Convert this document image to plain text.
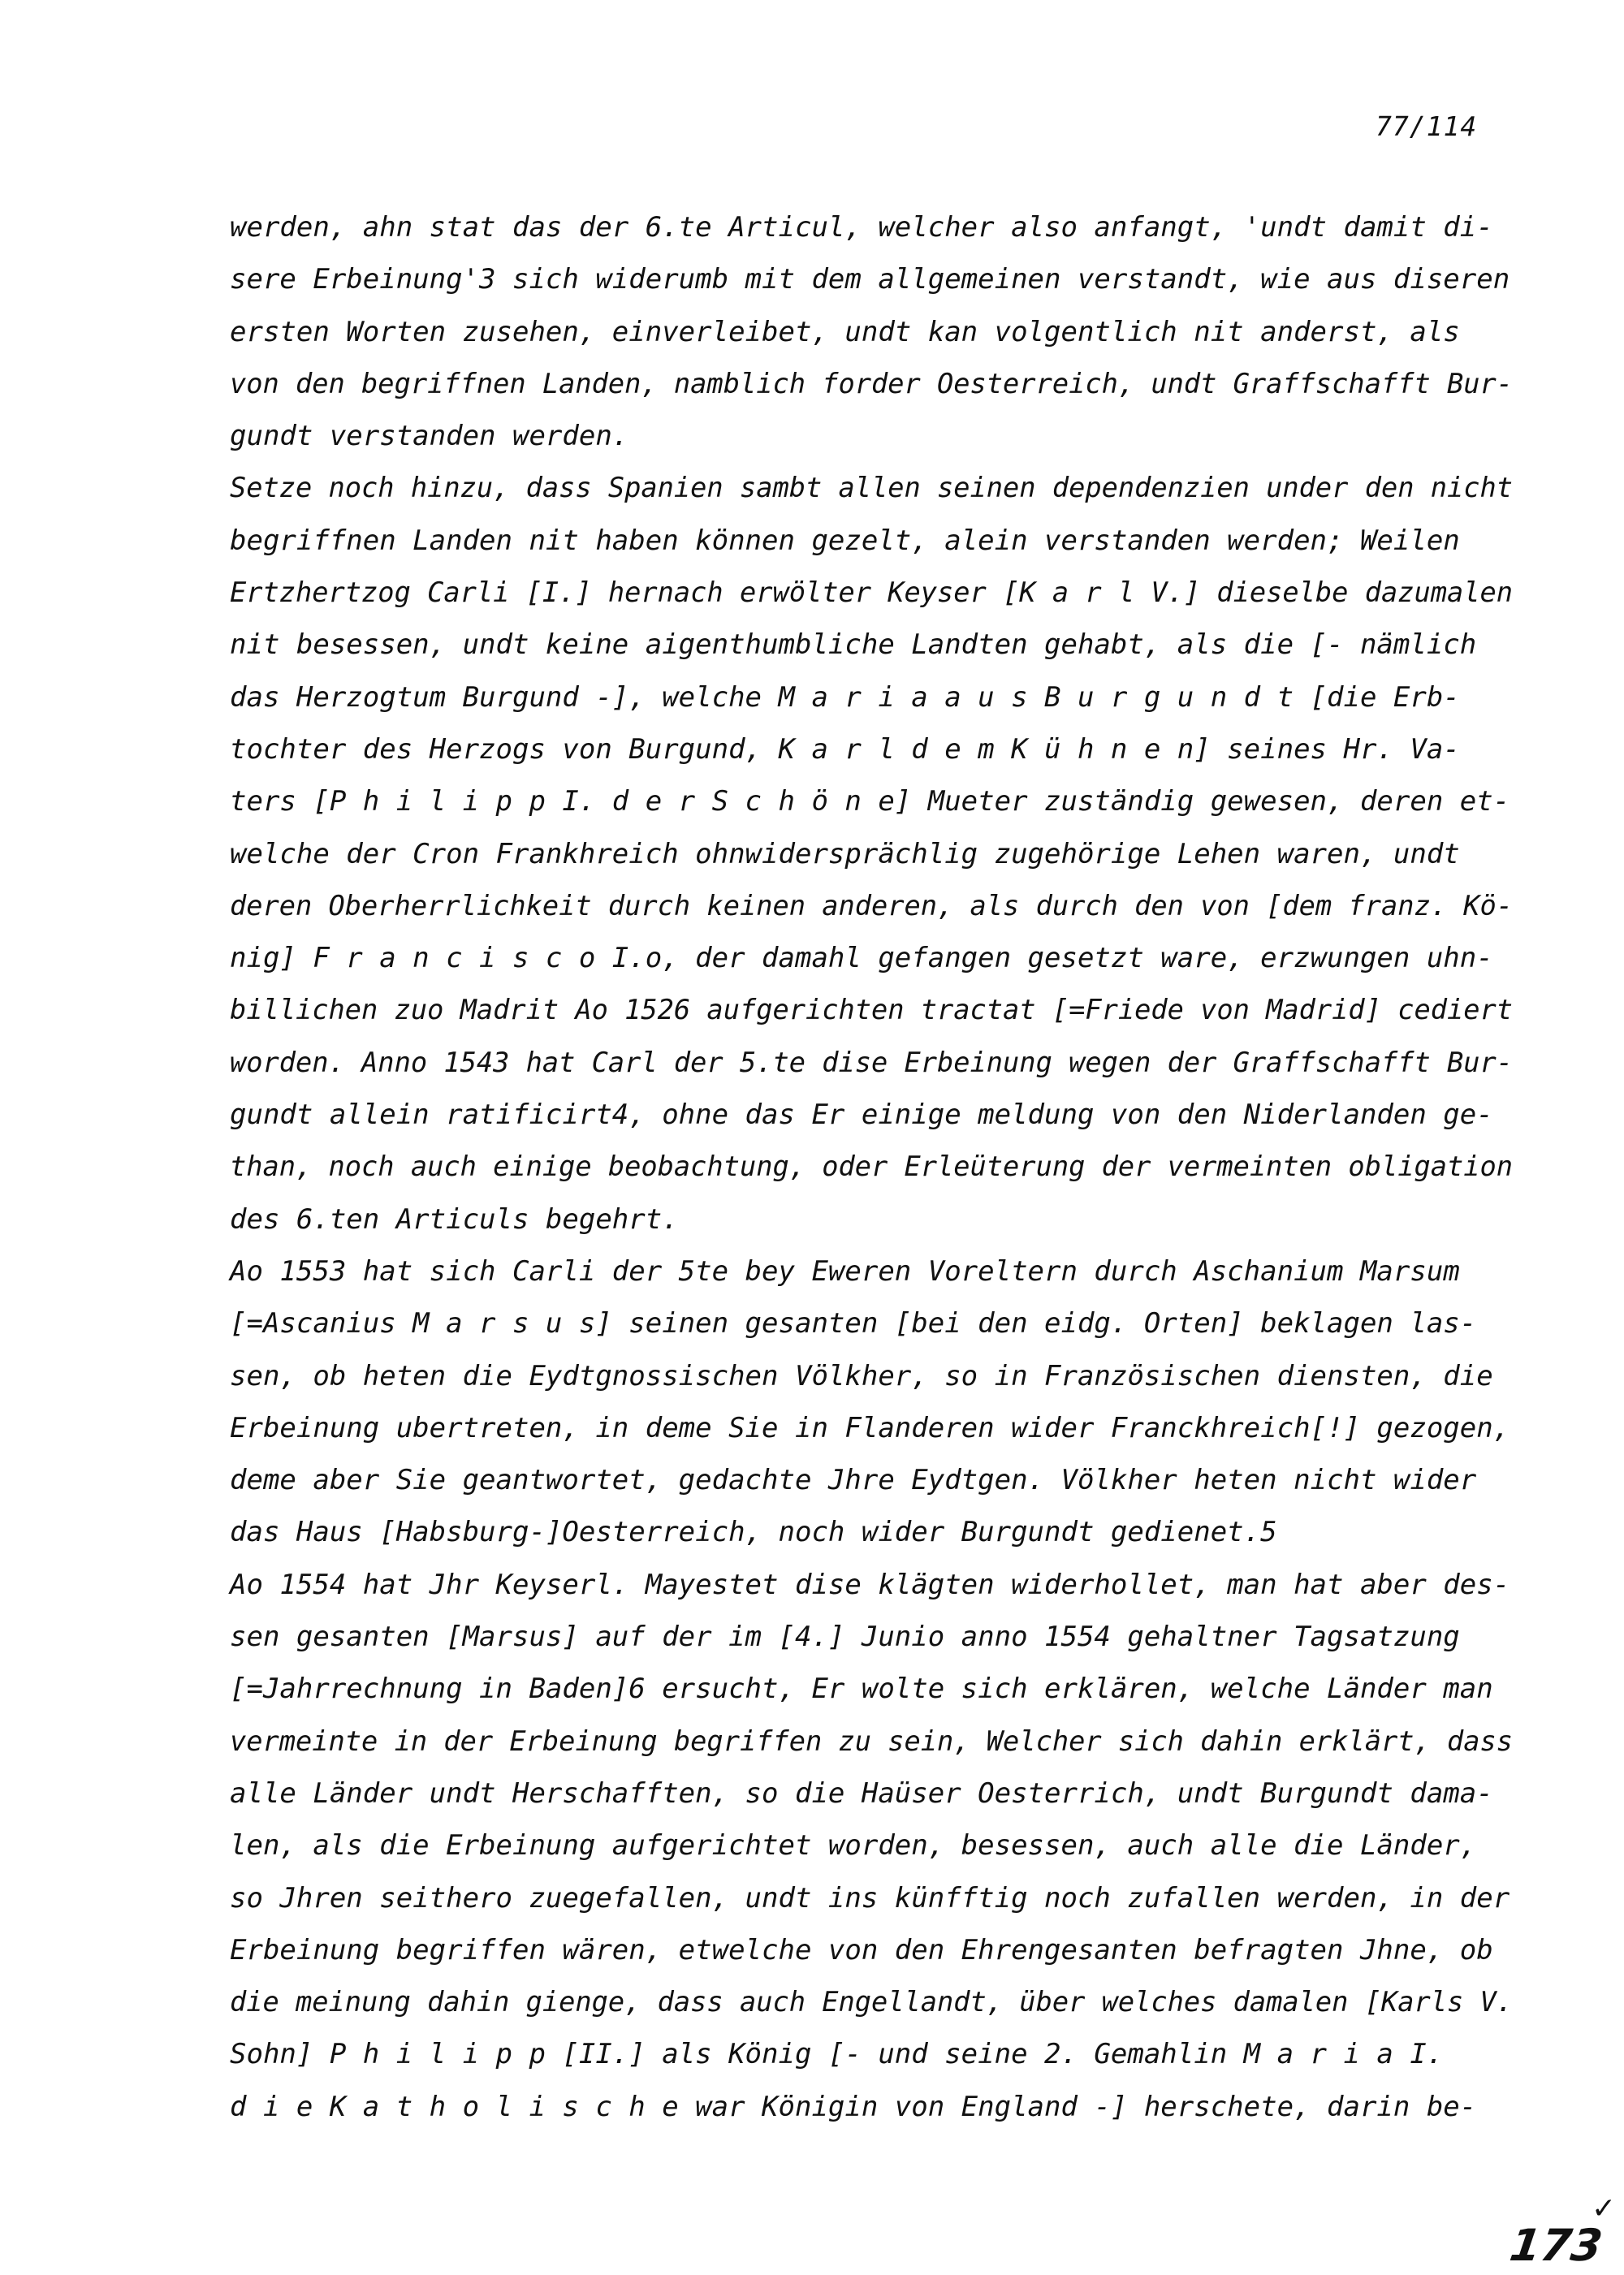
77/114
werden, ahn stat das der 6.te Articul, welcher also anfangt, 'undt damit di-
sere Erbeinung'3 sich widerumb mit dem allgemeinen verstandt, wie aus diseren
ersten Worten zusehen, einverleibet, undt kan volgentlich nit anderst, als
von den begriffnen Landen, namblich forder Oesterreich, undt Graffschafft Bur-
gundt verstanden werden.
Setze noch hinzu, dass Spanien sambt allen seinen dependenzien under den nicht
begriffnen Landen nit haben können gezelt, alein verstanden werden; Weilen
Ertzhertzog Carli [I.] hernach erwölter Keyser [K a r l V.] dieselbe dazumalen
nit besessen, undt keine aigenthumbliche Landten gehabt, als die [- nämlich
das Herzogtum Burgund -], welche M a r i a a u s B u r g u n d t [die Erb-
tochter des Herzogs von Burgund, K a r l d e m K ü h n e n] seines Hr. Va-
ters [P h i l i p p I. d e r S c h ö n e] Mueter zuständig gewesen, deren et-
welche der Cron Frankhreich ohnwidersprächlig zugehörige Lehen waren, undt
deren Oberherrlichkeit durch keinen anderen, als durch den von [dem franz. Kö-
nig] F r a n c i s c o I.o, der damahl gefangen gesetzt ware, erzwungen uhn-
billichen zuo Madrit Ao 1526 aufgerichten tractat [=Friede von Madrid] cediert
worden. Anno 1543 hat Carl der 5.te dise Erbeinung wegen der Graffschafft Bur-
gundt allein ratificirt4, ohne das Er einige meldung von den Niderlanden ge-
than, noch auch einige beobachtung, oder Erleüterung der vermeinten obligation
des 6.ten Articuls begehrt.
Ao 1553 hat sich Carli der 5te bey Eweren Voreltern durch Aschanium Marsum
[=Ascanius M a r s u s] seinen gesanten [bei den eidg. Orten] beklagen las-
sen, ob heten die Eydtgnossischen Völkher, so in Französischen diensten, die
Erbeinung ubertreten, in deme Sie in Flanderen wider Franckhreich[!] gezogen,
deme aber Sie geantwortet, gedachte Jhre Eydtgen. Völkher heten nicht wider
das Haus [Habsburg-]Oesterreich, noch wider Burgundt gedienet.5
Ao 1554 hat Jhr Keyserl. Mayestet dise klägten widerhollet, man hat aber des-
sen gesanten [Marsus] auf der im [4.] Junio anno 1554 gehaltner Tagsatzung
[=Jahrrechnung in Baden]6 ersucht, Er wolte sich erklären, welche Länder man
vermeinte in der Erbeinung begriffen zu sein, Welcher sich dahin erklärt, dass
alle Länder undt Herschafften, so die Haüser Oesterrich, undt Burgundt dama-
len, als die Erbeinung aufgerichtet worden, besessen, auch alle die Länder,
so Jhren seithero zuegefallen, undt ins künfftig noch zufallen werden, in der
Erbeinung begriffen wären, etwelche von den Ehrengesanten befragten Jhne, ob
die meinung dahin gienge, dass auch Engellandt, über welches damalen [Karls V.
Sohn] P h i l i p p [II.] als König [- und seine 2. Gemahlin M a r i a I.
d i e K a t h o l i s c h e war Königin von England -] herschete, darin be-
✓
173
